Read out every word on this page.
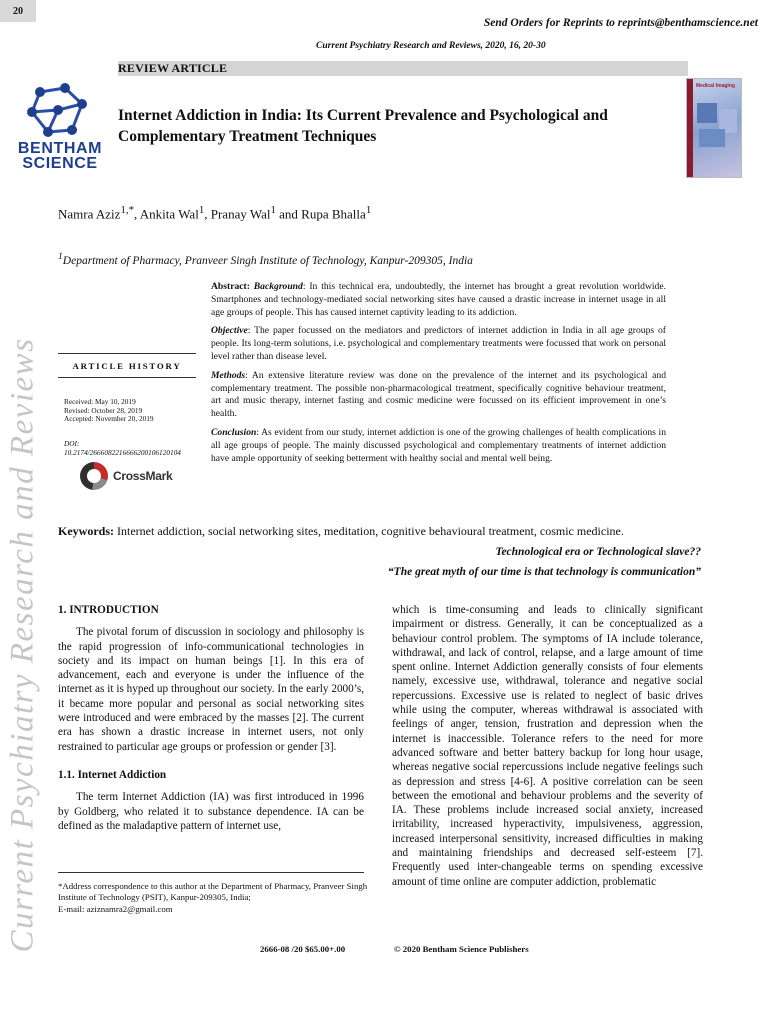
20
Send Orders for Reprints to reprints@benthamscience.net
Current Psychiatry Research and Reviews, 2020, 16, 20-30
REVIEW ARTICLE
BENTHAM
SCIENCE
Internet Addiction in India: Its Current Prevalence and Psychological and Complementary Treatment Techniques
Medical Imaging
Namra Aziz$^{1,*}$, Ankita Wal$^1$, Pranay Wal$^1$ and Rupa Bhalla$^1$
$^1$Department of Pharmacy, Pranveer Singh Institute of Technology, Kanpur-209305, India
Current Psychiatry Research and Reviews	ARTICLE HISTORY
Received: May 10, 2019
Revised: October 28, 2019
Accepted: November 20, 2019
DOI:
10.2174/2666082216666200106120104
CrossMark

Abstract: Background: In this technical era, undoubtedly, the internet has brought a great revolution worldwide. Smartphones and technology-mediated social networking sites have caused a drastic increase in internet usage in all age groups of people. This has caused internet captivity leading to its addiction.

Objective: The paper focussed on the mediators and predictors of internet addiction in India in all age groups of people. Its long-term solutions, i.e. psychological and complementary treatments were focussed that work on personal level rather than disease level.

Methods: An extensive literature review was done on the prevalence of the internet and its psychological and complementary treatment. The possible non-pharmacological treatment, specifically cognitive behaviour treatment, art and music therapy, internet fasting and cosmic medicine were focussed on its efficient improvement in one’s health.

Conclusion: As evident from our study, internet addiction is one of the growing challenges of health complications in all age groups of people. The mainly discussed psychological and complementary treatments of internet addiction have ample opportunity of seeking betterment with healthy social and mental well being.

Keywords: Internet addiction, social networking sites, meditation, cognitive behavioural treatment, cosmic medicine.
Technological era or Technological slave??
“The great myth of our time is that technology is communication”
1. INTRODUCTION

The pivotal forum of discussion in sociology and philosophy is the rapid progression of info-communicational technologies in society and its impact on human beings [1]. In this era of advancement, each and everyone is under the influence of the internet as it is hyped up throughout our society. In the early 2000’s, it became more popular and personal as social networking sites were introduced and were embraced by the masses [2]. The current era has shown a drastic increase in internet users, not only restrained to particular age groups or profession or gender [3].

1.1. Internet Addiction

The term Internet Addiction (IA) was first introduced in 1996 by Goldberg, who related it to substance dependence. IA can be defined as the maladaptive pattern of internet use,

which is time-consuming and leads to clinically significant impairment or distress. Generally, it can be conceptualized as a behaviour control problem. The symptoms of IA include tolerance, withdrawal, and lack of control, relapse, and a large amount of time spent online. Internet Addiction generally consists of four elements namely, excessive use, withdrawal, tolerance and negative social repercussions. Excessive use is related to neglect of basic drives while using the computer, whereas withdrawal is associated with feelings of anger, tension, frustration and depression when the internet is inaccessible. Tolerance refers to the need for more advanced software and better battery backup for long hour usage, whereas negative social repercussions include negative feelings such as depression and stress [4-6]. A positive correlation can be seen between the emotional and behaviour problems and the severity of IA. These problems include increased social anxiety, increased irritability, increased hyperactivity, impulsiveness, aggression, increased interpersonal sensitivity, increased difficulties in making and maintaining friendships and decreased self-esteem [7]. Frequently used inter-changeable terms on spending excessive amount of time online are computer addiction, problematic

*Address correspondence to this author at the Department of Pharmacy, Pranveer Singh Institute of Technology (PSIT), Kanpur-209305, India;
E-mail: aziznamra2@gmail.com
2666-08 /20 $65.00+.00	© 2020 Bentham Science Publishers
